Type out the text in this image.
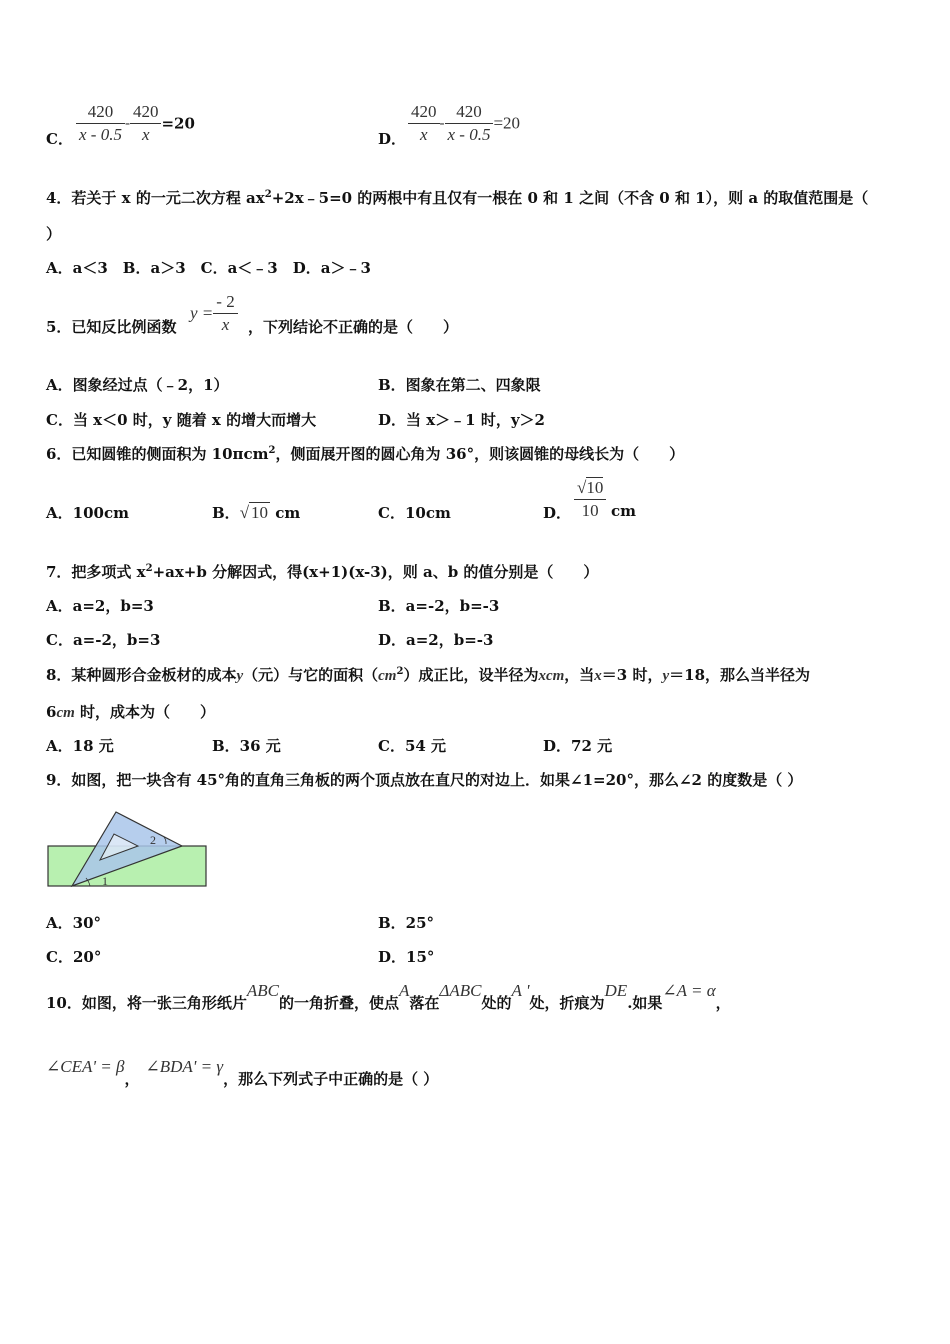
C． $\frac{420}{x - 0.5} - \frac{420}{x} =20$
D． $\frac{420}{x} - \frac{420}{x - 0.5} =20$
4．若关于 x 的一元二次方程 $ax^2+2x﹣5=0$ 的两根中有且仅有一根在 0 和 1 之间（不含 0 和 1），则 a 的取值范围是（
）
A．a＜3　B．a＞3　C．a＜﹣3　D．a＞﹣3
5．已知反比例函数
$y = \frac{- 2}{x}$ ，下列结论不正确的是（　　）
A．图象经过点（﹣2，1）	B．图象在第二、四象限
C．当 x＜0 时，y 随着 x 的增大而增大	D．当 x＞﹣1 时，y＞2
6．已知圆锥的侧面积为 10πcm$^2$，侧面展开图的圆心角为 36°，则该圆锥的母线长为（　　）
A．100cm	B．√ 10 cm	C．10cm	D． $\frac{√10}{10}$ cm
7．把多项式 $x^2+ax+b$ 分解因式，得(x+1)(x-3)，则 a、b 的值分别是（　　）
A．a=2，b=3	B．a=-2，b=-3
C．a=-2，b=3	D．a=2，b=-3
8．某种圆形合金板材的成本y（元）与它的面积$(cm^2)$成正比，设半径为xcm，当x＝3 时，y＝18，那么当半径为
6cm 时，成本为（　　）
A．18 元	B．36 元	C．54 元	D．72 元
9．如图，把一块含有 45°角的直角三角板的两个顶点放在直尺的对边上．如果∠1=20°，那么∠2 的度数是（ ）
1
2
A．30°	B．25°
C．20°	D．15°
10．如图，将一张三角形纸片ABC的一角折叠，使点A落在ΔABC处的A '处，折痕为DE.如果∠A = α，
∠CEA' = β，∠BDA' = γ，那么下列式子中正确的是（ ）
